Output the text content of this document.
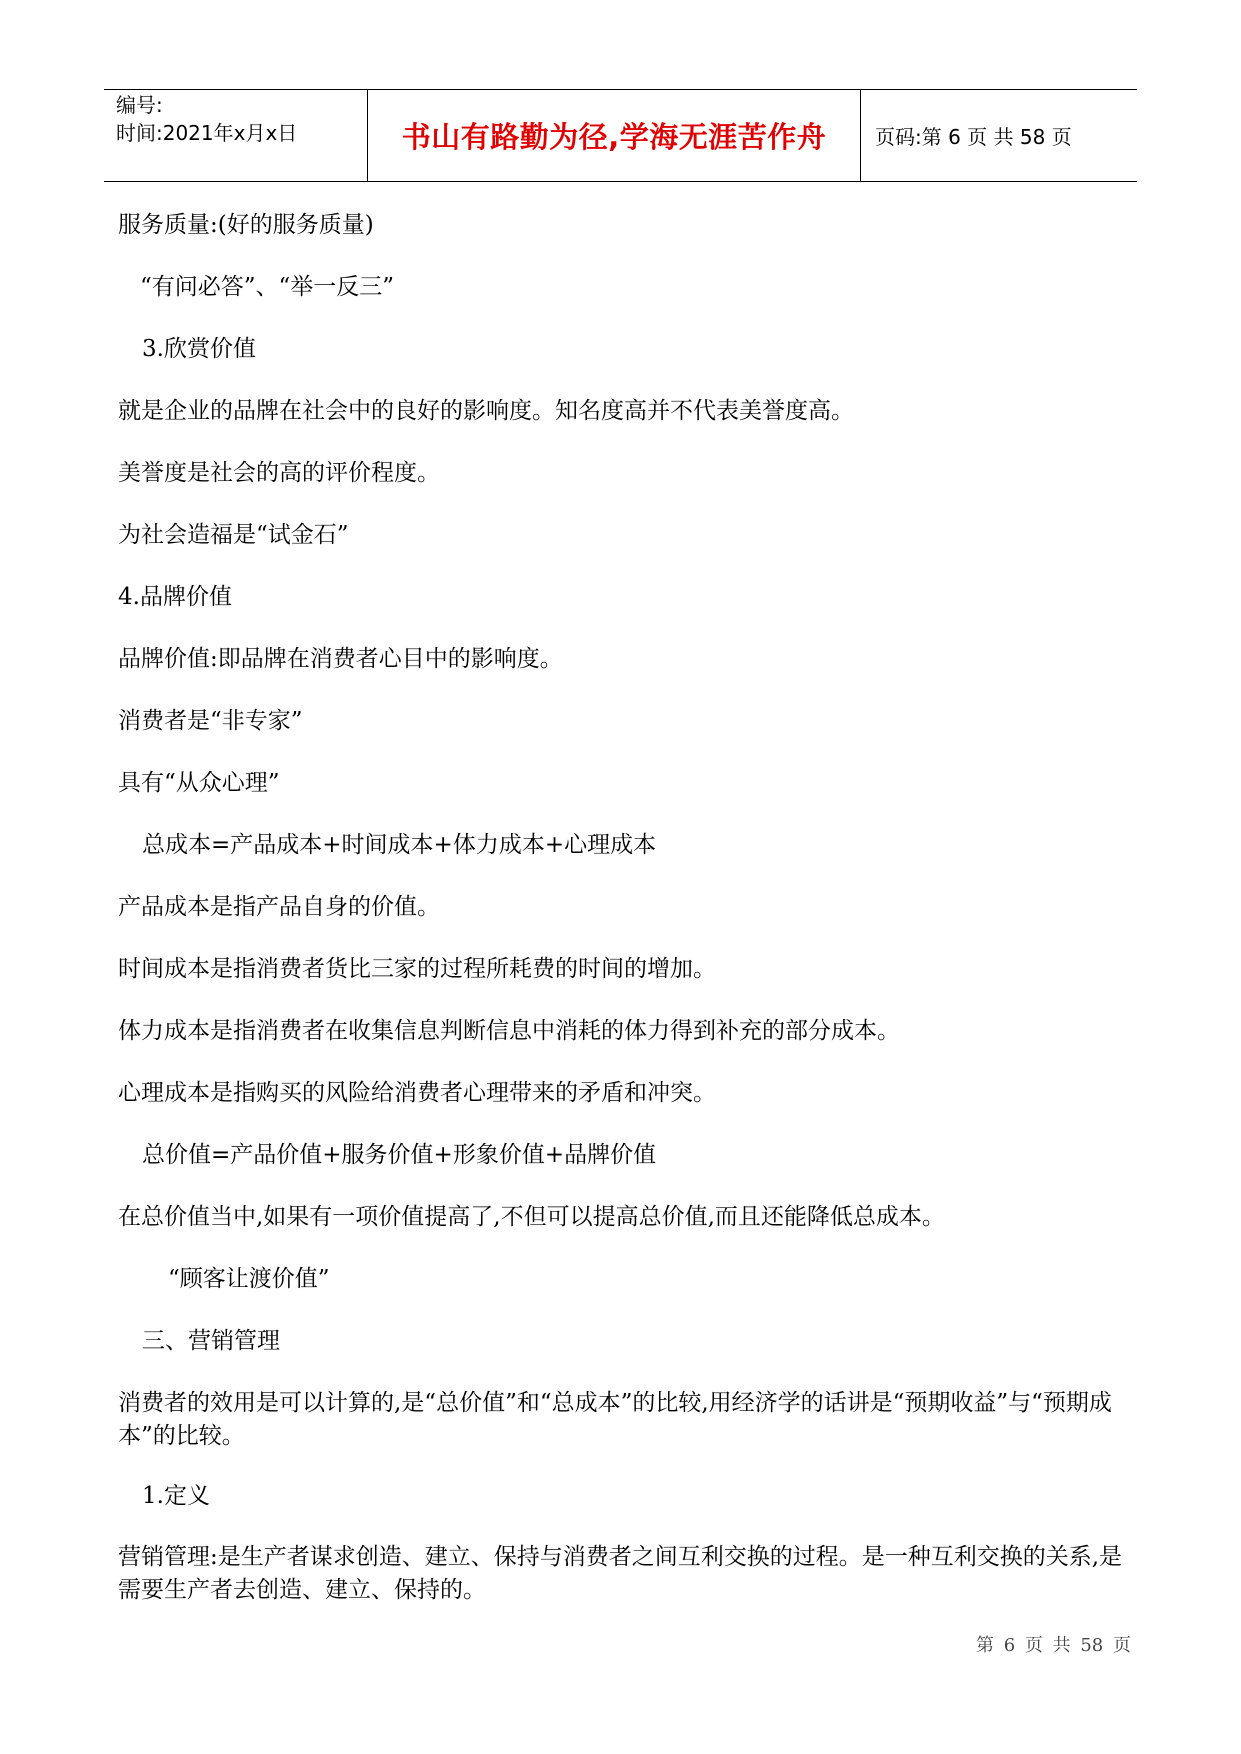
编号:
时间:2021年x月x日	书山有路勤为径,学海无涯苦作舟	页码:第 6 页 共 58 页

服务质量:(好的服务质量)

“有问必答”、“举一反三”

3.欣赏价值

就是企业的品牌在社会中的良好的影响度。知名度高并不代表美誉度高。

美誉度是社会的高的评价程度。

为社会造福是“试金石”

4.品牌价值

品牌价值:即品牌在消费者心目中的影响度。

消费者是“非专家”

具有“从众心理”

总成本=产品成本+时间成本+体力成本+心理成本

产品成本是指产品自身的价值。

时间成本是指消费者货比三家的过程所耗费的时间的增加。

体力成本是指消费者在收集信息判断信息中消耗的体力得到补充的部分成本。

心理成本是指购买的风险给消费者心理带来的矛盾和冲突。

总价值=产品价值+服务价值+形象价值+品牌价值

在总价值当中,如果有一项价值提高了,不但可以提高总价值,而且还能降低总成本。

“顾客让渡价值”

三、营销管理

消费者的效用是可以计算的,是“总价值”和“总成本”的比较,用经济学的话讲是“预期收益”与“预期成本”的比较。

1.定义

营销管理:是生产者谋求创造、建立、保持与消费者之间互利交换的过程。是一种互利交换的关系,是需要生产者去创造、建立、保持的。

第 6 页 共 58 页
